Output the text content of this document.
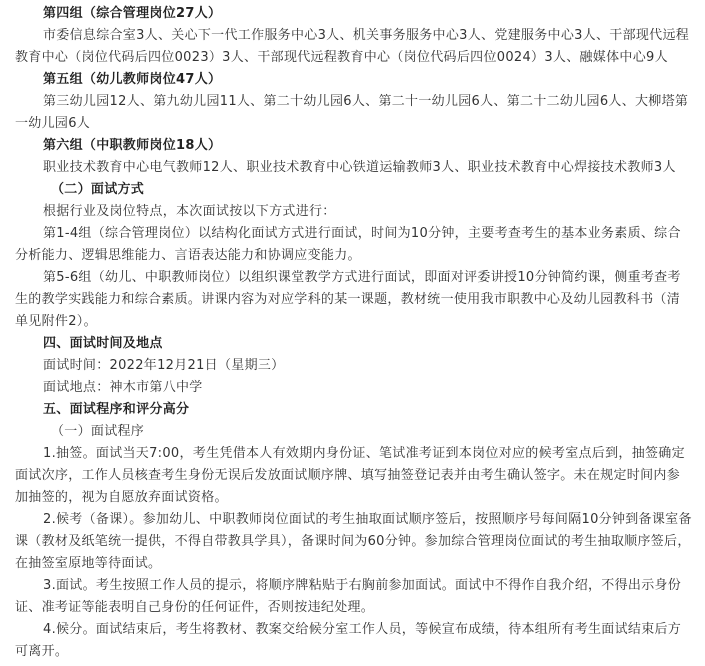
第四组（综合管理岗位27人）

市委信息综合室3人、关心下一代工作服务中心3人、机关事务服务中心3人、党建服务中心3人、干部现代远程教育中心（岗位代码后四位0023）3人、干部现代远程教育中心（岗位代码后四位0024）3人、融媒体中心9人

第五组（幼儿教师岗位47人）

第三幼儿园12人、第九幼儿园11人、第二十幼儿园6人、第二十一幼儿园6人、第二十二幼儿园6人、大柳塔第一幼儿园6人

第六组（中职教师岗位18人）

职业技术教育中心电气教师12人、职业技术教育中心铁道运输教师3人、职业技术教育中心焊接技术教师3人

（二）面试方式

根据行业及岗位特点，本次面试按以下方式进行：

第1-4组（综合管理岗位）以结构化面试方式进行面试，时间为10分钟，主要考查考生的基本业务素质、综合分析能力、逻辑思维能力、言语表达能力和协调应变能力。

第5-6组（幼儿、中职教师岗位）以组织课堂教学方式进行面试，即面对评委讲授10分钟简约课，侧重考查考生的教学实践能力和综合素质。讲课内容为对应学科的某一课题，教材统一使用我市职教中心及幼儿园教科书（清单见附件2）。

四、面试时间及地点

面试时间：2022年12月21日（星期三）

面试地点：神木市第八中学

五、面试程序和评分高分

（一）面试程序

1.抽签。面试当天7:00，考生凭借本人有效期内身份证、笔试准考证到本岗位对应的候考室点后到，抽签确定面试次序，工作人员核查考生身份无误后发放面试顺序牌、填写抽签登记表并由考生确认签字。未在规定时间内参加抽签的，视为自愿放弃面试资格。

2.候考（备课）。参加幼儿、中职教师岗位面试的考生抽取面试顺序签后，按照顺序号每间隔10分钟到备课室备课（教材及纸笔统一提供，不得自带教具学具），备课时间为60分钟。参加综合管理岗位面试的考生抽取顺序签后，在抽签室原地等待面试。

3.面试。考生按照工作人员的提示，将顺序牌粘贴于右胸前参加面试。面试中不得作自我介绍，不得出示身份证、准考证等能表明自己身份的任何证件，否则按违纪处理。

4.候分。面试结束后，考生将教材、教案交给候分室工作人员，等候宣布成绩，待本组所有考生面试结束后方可离开。
